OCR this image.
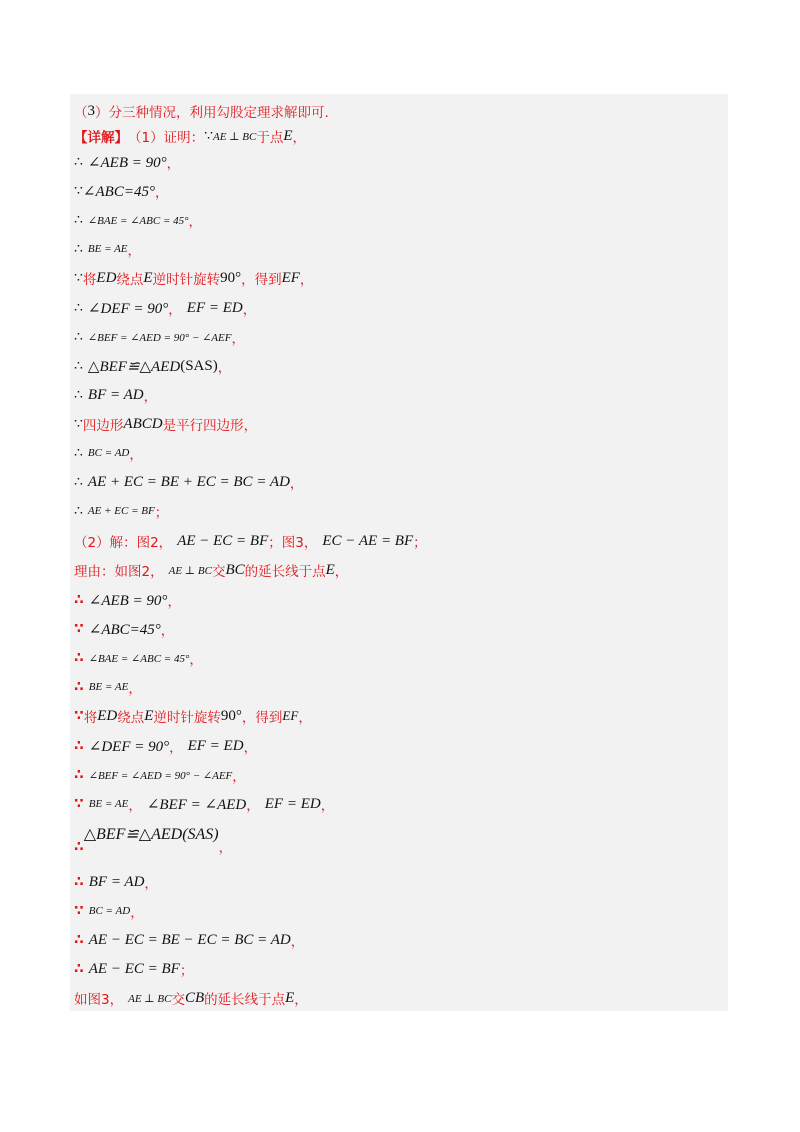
（ 3 ）分三种情况，利用勾股定理求解即可.
【详解】 （1）证明： ∵ AE ⊥ BC 于点 E ，
∴ ∠AEB = 90° ，
∵ ∠ABC=45° ，
∴ ∠BAE = ∠ABC = 45° ，
∴ BE = AE ，
∵ 将 ED 绕点 E 逆时针旋转 90° ，得到 EF ，
∴ ∠DEF = 90° ， EF = ED ，
∴ ∠BEF = ∠AED = 90° − ∠AEF ，
∴ △BEF≌△AED (SAS) ，
∴ BF = AD ，
∵ 四边形 ABCD 是平行四边形，
∴ BC = AD ，
∴ AE + EC = BE + EC = BC = AD ，
∴ AE + EC = BF ；
（2）解：图2， AE − EC = BF ；图3， EC − AE = BF ；
理由：如图2， AE ⊥ BC 交 BC 的延长线于点 E ，
∴ ∠AEB = 90° ，
∵ ∠ABC=45° ，
∴ ∠BAE = ∠ABC = 45° ，
∴ BE = AE ，
∵ 将 ED 绕点 E 逆时针旋转 90° ，得到 EF ，
∴ ∠DEF = 90° ， EF = ED ，
∴ ∠BEF = ∠AED = 90° − ∠AEF ，
∵ BE = AE ， ∠BEF = ∠AED ， EF = ED ，
∴
△BEF≌△AED(SAS)
，
∴ BF = AD ，
∵ BC = AD ，
∴ AE − EC = BE − EC = BC = AD ，
∴ AE − EC = BF ；
如图3， AE ⊥ BC 交 CB 的延长线于点 E ，
